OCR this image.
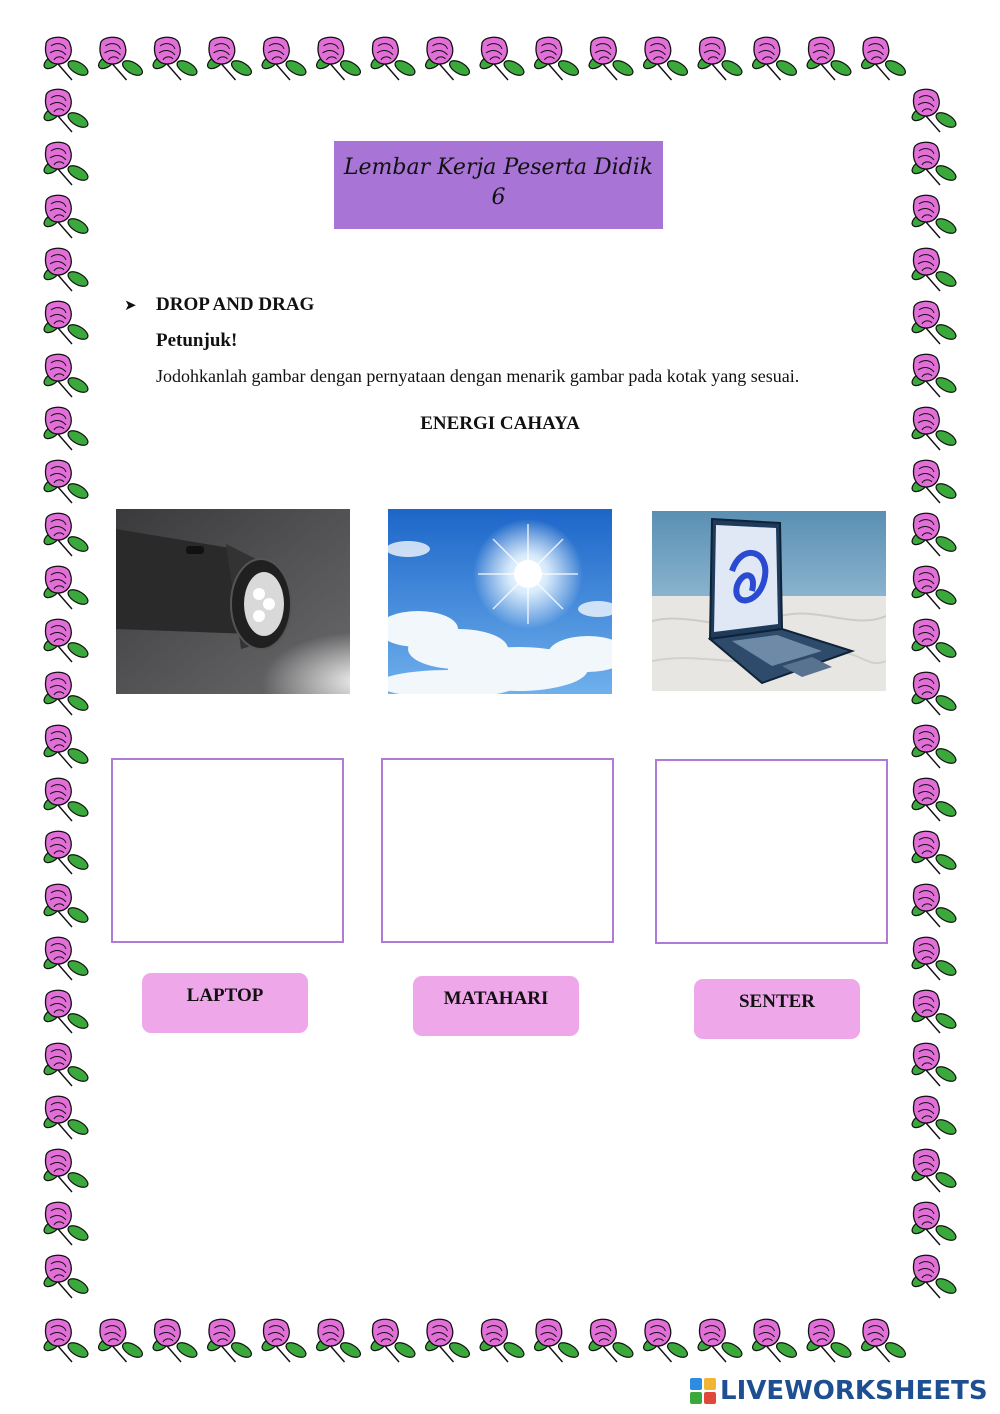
Lembar Kerja Peserta Didik
6
➤ DROP AND DRAG
Petunjuk!
Jodohkanlah gambar dengan pernyataan dengan menarik gambar pada kotak yang sesuai.
ENERGI CAHAYA
LAPTOP	MATAHARI	SENTER
LIVEWORKSHEETS
